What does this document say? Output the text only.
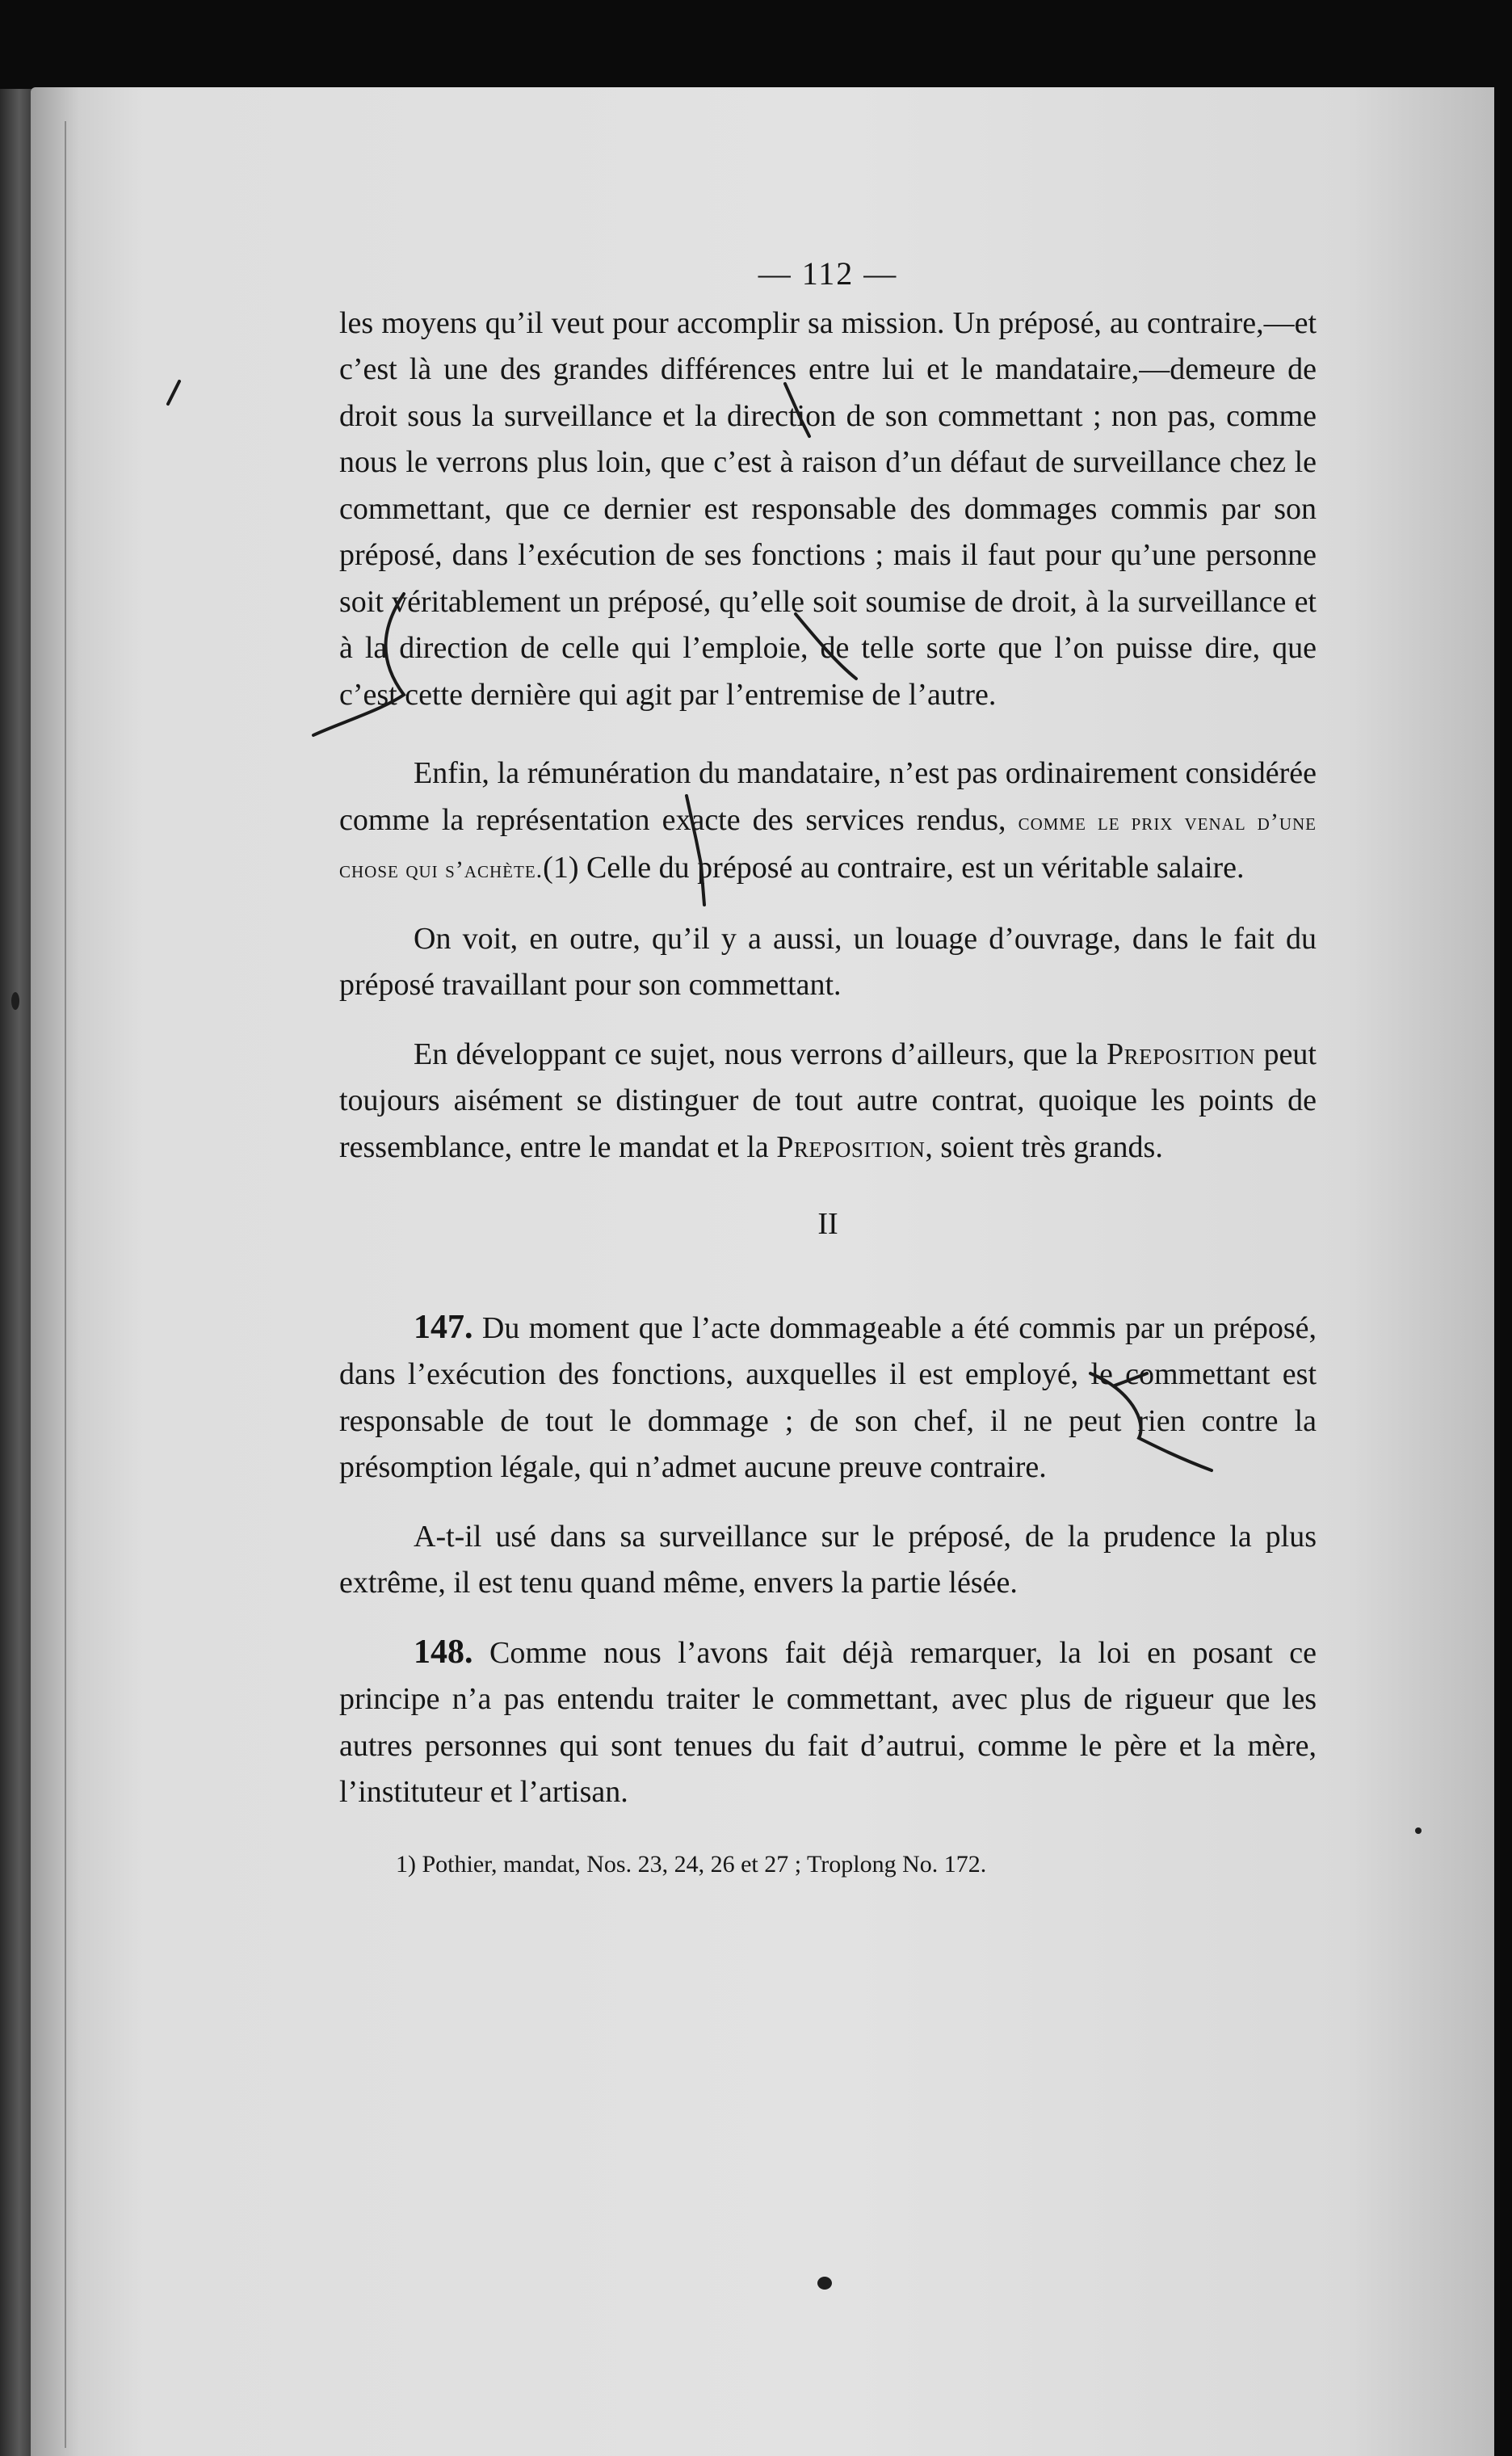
— 112 —

les moyens qu’il veut pour accomplir sa mission. Un préposé, au contraire,—et c’est là une des grandes différences entre lui et le mandataire,—demeure de droit sous la surveillance et la direction de son commettant ; non pas, comme nous le verrons plus loin, que c’est à raison d’un défaut de surveillance chez le commettant, que ce dernier est responsable des dommages commis par son préposé, dans l’exécution de ses fonctions ; mais il faut pour qu’une personne soit véritablement un préposé, qu’elle soit soumise de droit, à la surveillance et à la direction de celle qui l’emploie, de telle sorte que l’on puisse dire, que c’est cette dernière qui agit par l’entremise de l’autre.

Enfin, la rémunération du mandataire, n’est pas ordinairement considérée comme la représentation exacte des services rendus, comme le prix venal d’une chose qui s’achète.(1) Celle du préposé au contraire, est un véritable salaire.

On voit, en outre, qu’il y a aussi, un louage d’ouvrage, dans le fait du préposé travaillant pour son commettant.

En développant ce sujet, nous verrons d’ailleurs, que la Preposition peut toujours aisément se distinguer de tout autre contrat, quoique les points de ressemblance, entre le mandat et la Preposition, soient très grands.

II

147. Du moment que l’acte dommageable a été commis par un préposé, dans l’exécution des fonctions, auxquelles il est employé, le commettant est responsable de tout le dommage ; de son chef, il ne peut rien contre la présomption légale, qui n’admet aucune preuve contraire.

A-t-il usé dans sa surveillance sur le préposé, de la prudence la plus extrême, il est tenu quand même, envers la partie lésée.

148. Comme nous l’avons fait déjà remarquer, la loi en posant ce principe n’a pas entendu traiter le commettant, avec plus de rigueur que les autres personnes qui sont tenues du fait d’autrui, comme le père et la mère, l’instituteur et l’artisan.

1) Pothier, mandat, Nos. 23, 24, 26 et 27 ; Troplong No. 172.
